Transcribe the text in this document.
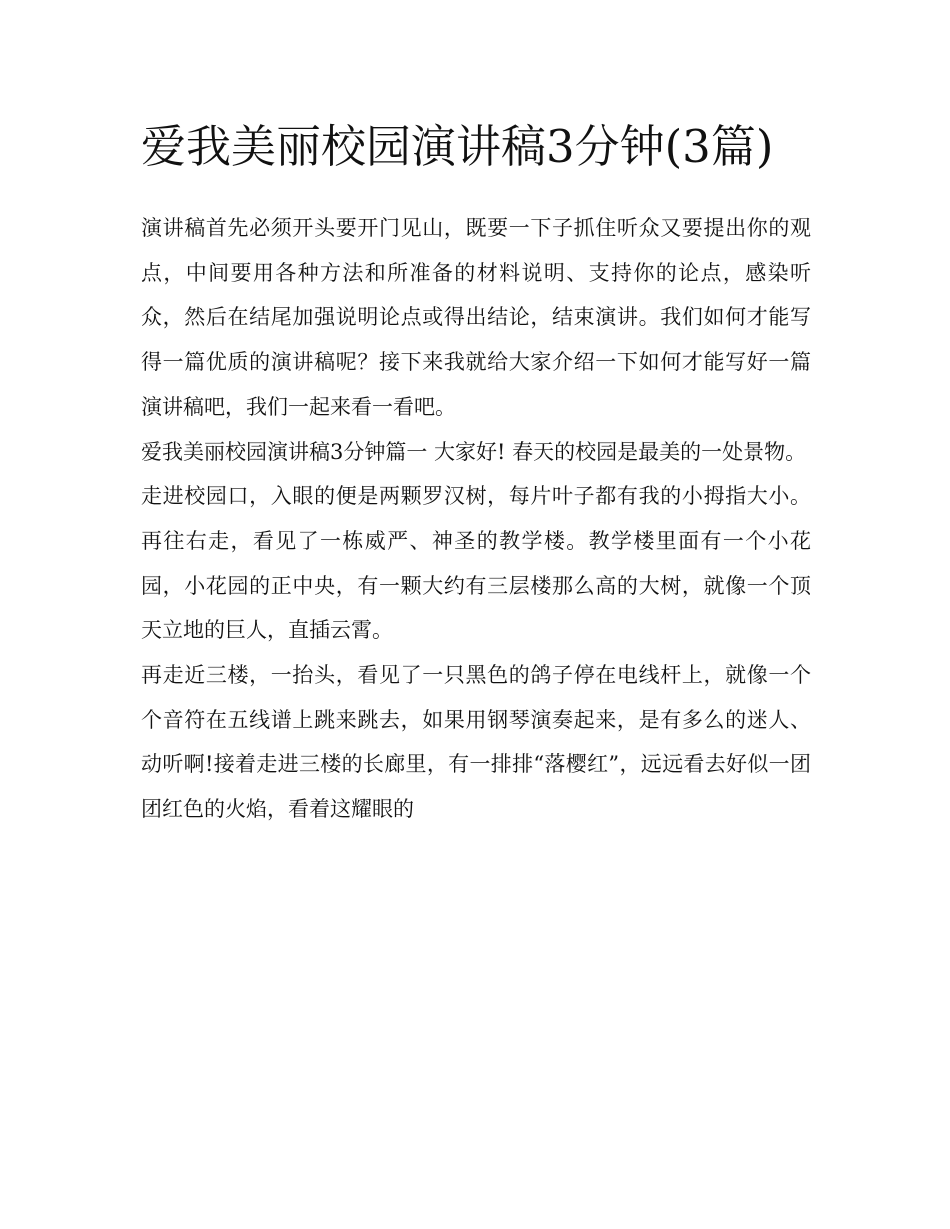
爱我美丽校园演讲稿3分钟(3篇)

演讲稿首先必须开头要开门见山，既要一下子抓住听众又要提出你的观点，中间要用各种方法和所准备的材料说明、支持你的论点，感染听众，然后在结尾加强说明论点或得出结论，结束演讲。我们如何才能写得一篇优质的演讲稿呢？接下来我就给大家介绍一下如何才能写好一篇演讲稿吧，我们一起来看一看吧。

爱我美丽校园演讲稿3分钟篇一 大家好! 春天的校园是最美的一处景物。

走进校园口，入眼的便是两颗罗汉树，每片叶子都有我的小拇指大小。再往右走，看见了一栋威严、神圣的教学楼。教学楼里面有一个小花园，小花园的正中央，有一颗大约有三层楼那么高的大树，就像一个顶天立地的巨人，直插云霄。

再走近三楼，一抬头，看见了一只黑色的鸽子停在电线杆上，就像一个个音符在五线谱上跳来跳去，如果用钢琴演奏起来，是有多么的迷人、动听啊!接着走进三楼的长廊里，有一排排“落樱红”，远远看去好似一团团红色的火焰，看着这耀眼的
